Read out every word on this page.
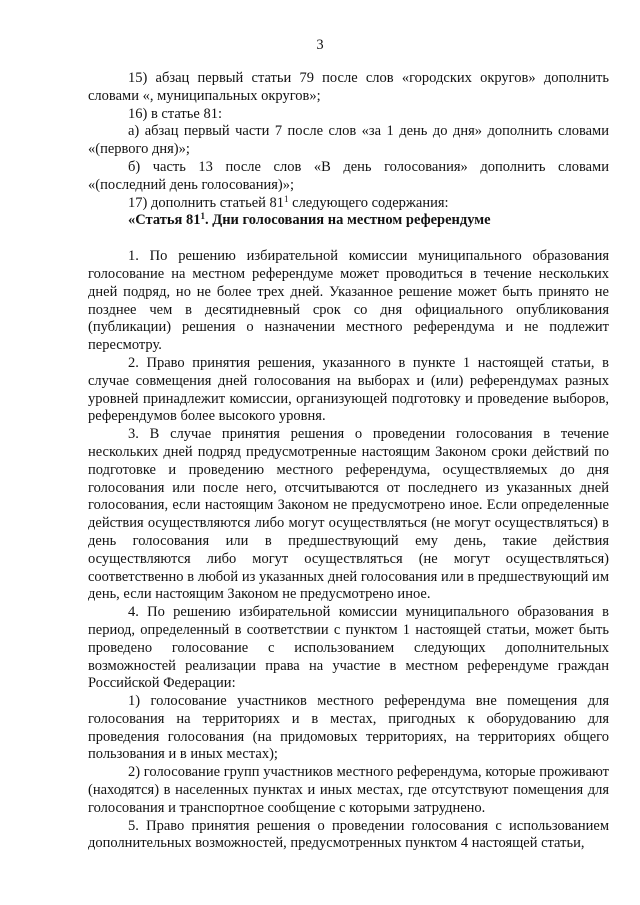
3

15) абзац первый статьи 79 после слов «городских округов» дополнить словами «, муниципальных округов»;

16) в статье 81:

а) абзац первый части 7 после слов «за 1 день до дня» дополнить словами «(первого дня)»;

б) часть 13 после слов «В день голосования» дополнить словами «(последний день голосования)»;

17) дополнить статьей $81^1$ следующего содержания:

«Статья $81^1$. Дни голосования на местном референдуме

1. По решению избирательной комиссии муниципального образования голосование на местном референдуме может проводиться в течение нескольких дней подряд, но не более трех дней. Указанное решение может быть принято не позднее чем в десятидневный срок со дня официального опубликования (публикации) решения о назначении местного референдума и не подлежит пересмотру.

2. Право принятия решения, указанного в пункте 1 настоящей статьи, в случае совмещения дней голосования на выборах и (или) референдумах разных уровней принадлежит комиссии, организующей подготовку и проведение выборов, референдумов более высокого уровня.

3. В случае принятия решения о проведении голосования в течение нескольких дней подряд предусмотренные настоящим Законом сроки действий по подготовке и проведению местного референдума, осуществляемых до дня голосования или после него, отсчитываются от последнего из указанных дней голосования, если настоящим Законом не предусмотрено иное. Если определенные действия осуществляются либо могут осуществляться (не могут осуществляться) в день голосования или в предшествующий ему день, такие действия осуществляются либо могут осуществляться (не могут осуществляться) соответственно в любой из указанных дней голосования или в предшествующий им день, если настоящим Законом не предусмотрено иное.

4. По решению избирательной комиссии муниципального образования в период, определенный в соответствии с пунктом 1 настоящей статьи, может быть проведено голосование с использованием следующих дополнительных возможностей реализации права на участие в местном референдуме граждан Российской Федерации:

1) голосование участников местного референдума вне помещения для голосования на территориях и в местах, пригодных к оборудованию для проведения голосования (на придомовых территориях, на территориях общего пользования и в иных местах);

2) голосование групп участников местного референдума, которые проживают (находятся) в населенных пунктах и иных местах, где отсутствуют помещения для голосования и транспортное сообщение с которыми затруднено.

5. Право принятия решения о проведении голосования с использованием дополнительных возможностей, предусмотренных пунктом 4 настоящей статьи,
